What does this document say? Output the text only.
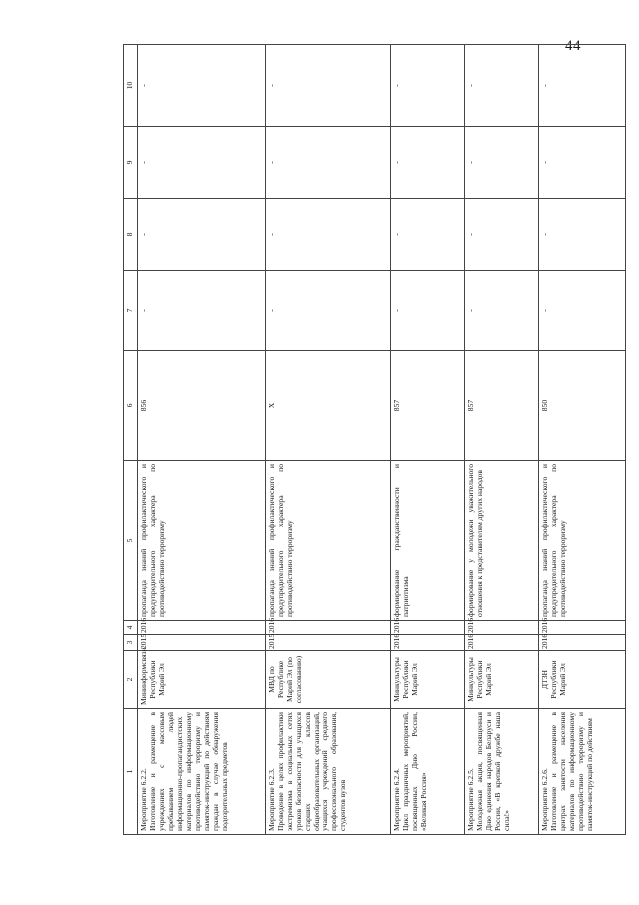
44
1	2	3	4	5	6	7	8	9	10

Мероприятие 6.2.2. Изготовление и размещение в учреждениях с массовым пребыванием людей информационно-пропагандистских материалов по информационному противодействию терроризму и памяток-инструкций по действиям граждан в случае обнаружения подозрительных предметов	Мининформсвязи Республики Марий Эл	2015	2016	пропаганда знаний профилактического и предупредительного характера по противодействию терроризму	856	-	-	-	-

Мероприятие 6.2.3. Проведение в целях профилактики экстремизма в социальных сетях уроков безопасности для учащихся старших классов общеобразовательных организаций, учащихся учреждений среднего профессионального образования, студентов вузов	МВД по Республике Марий Эл (по согласованию)	2015	2016	пропаганда знаний профилактического и предупредительного характера по противодействию терроризму	X	-	-	-	-

Мероприятие 6.2.4. Цикл праздничных мероприятий, посвященных Дню России, «Великая Россия»	Минкультуры Республики Марий Эл	2016	2016	формирование гражданственности и патриотизма	857	-	-	-	-

Мероприятие 6.2.5. Молодежная акция, посвященная Дню единения народов Беларуси и России, «В крепкой дружбе наша сила!»	Минкультуры Республики Марий Эл	2016	2016	формирование у молодежи уважительного отношения к представителям других народов	857	-	-	-	-

Мероприятие 6.2.6. Изготовление и размещение в центрах занятости населения материалов по информационному противодействию терроризму и памяток-инструкций по действиям	ДТЗН Республики Марий Эл	2016	2016	пропаганда знаний профилактического и предупредительного характера по противодействию терроризму	850	-	-	-	-
